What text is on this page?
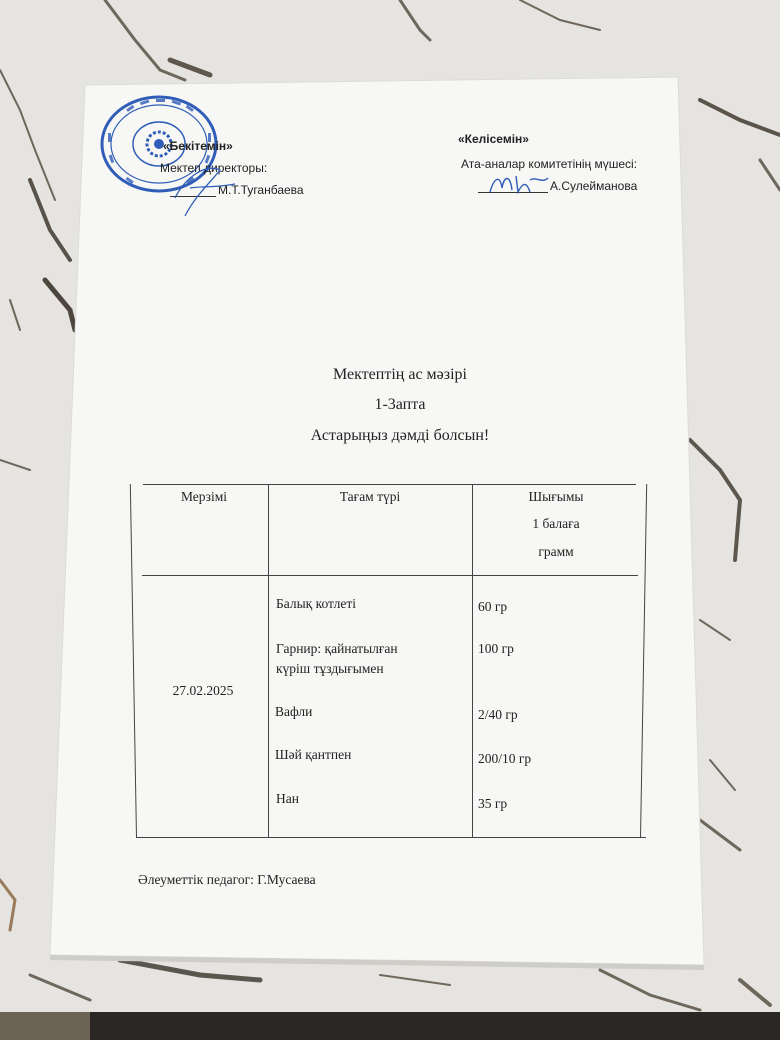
«Бекітемін»
Мектеп директоры:
М.Т.Туганбаева
«Келісемін»
Ата-аналар комитетінің мүшесі:
А.Сулейманова
Мектептің ас мәзірі
1-3апта
Астарыңыз дәмді болсын!
Мерзімі	Тағам түрі	Шығымы
1 балаға
грамм
27.02.2025
Балық котлеті
Гарнир: қайнатылған
күріш тұздығымен
Вафли
Шәй қантпен
Нан
60 гр
100 гр
2/40 гр
200/10 гр
35 гр
Әлеуметтік педагог: Г.Мусаева
